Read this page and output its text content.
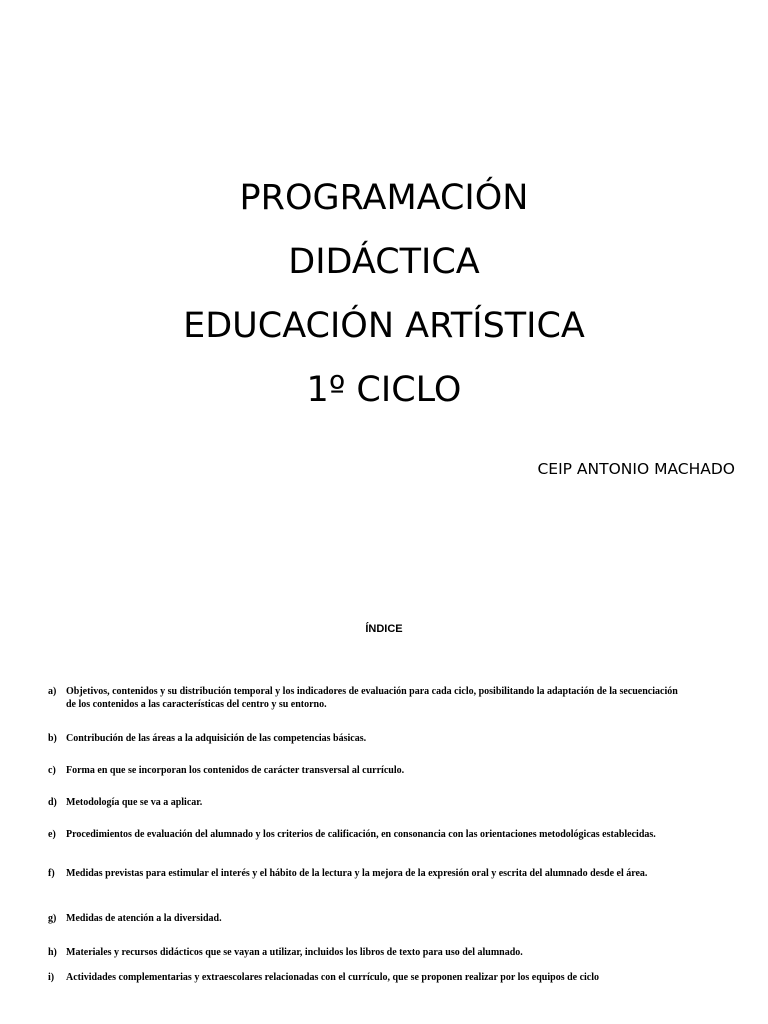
PROGRAMACIÓN
DIDÁCTICA
EDUCACIÓN ARTÍSTICA
1º CICLO
CEIP ANTONIO MACHADO
ÍNDICE
a) Objetivos, contenidos y su distribución temporal y los indicadores de evaluación para cada ciclo, posibilitando la adaptación de la secuenciación de los contenidos a las características del centro y su entorno.
b) Contribución de las áreas a la adquisición de las competencias básicas.
c)	Forma en que se incorporan los contenidos de carácter transversal al currículo.
d) Metodología que se va a aplicar.
e)	Procedimientos de evaluación del alumnado y los criterios de calificación, en consonancia con las orientaciones metodológicas establecidas.
f)	Medidas previstas para estimular el interés y el hábito de la lectura y la mejora de la expresión oral y escrita del alumnado desde el área.
g) Medidas de atención a la diversidad.
h) Materiales y recursos didácticos que se vayan a utilizar, incluidos los libros de texto para uso del alumnado.
i)	Actividades complementarias y extraescolares relacionadas con el currículo, que se proponen realizar por los equipos de ciclo
